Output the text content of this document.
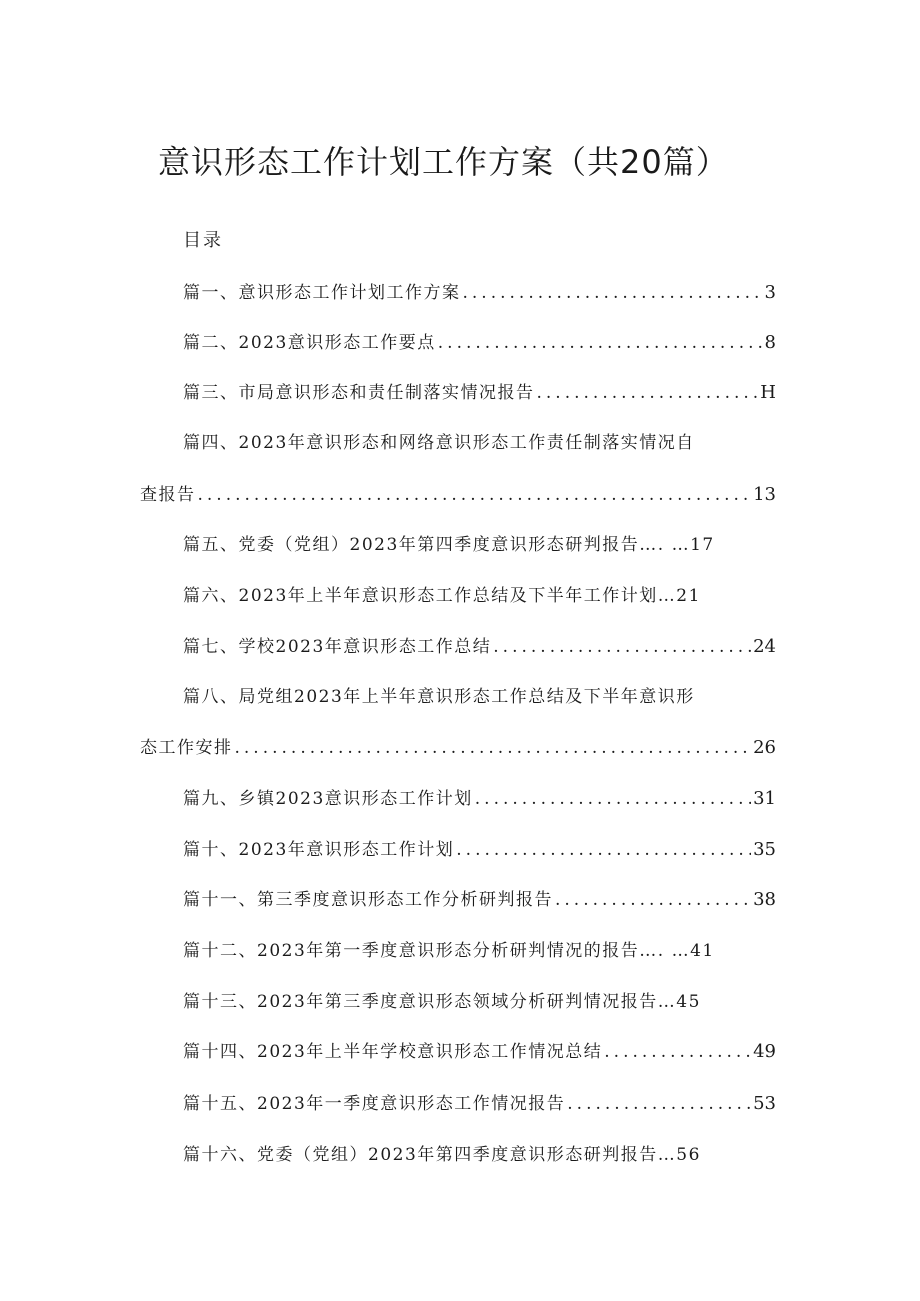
意识形态工作计划工作方案（共20篇）
目录
篇一、意识形态工作计划工作方案 .....	3
篇二、2023意识形态工作要点 .....	8
篇三、市局意识形态和责任制落实情况报告 .....	H
篇四、2023年意识形态和网络意识形态工作责任制落实情况自
查报告 .....	13
篇五、党委（党组）2023年第四季度意识形态研判报告…. …17
篇六、2023年上半年意识形态工作总结及下半年工作计划…21
篇七、学校2023年意识形态工作总结 .....	24
篇八、局党组2023年上半年意识形态工作总结及下半年意识形
态工作安排 .....	26
篇九、乡镇2023意识形态工作计划 .....	31
篇十、2023年意识形态工作计划 .....	35
篇十一、第三季度意识形态工作分析研判报告 .....	38
篇十二、2023年第一季度意识形态分析研判情况的报告…. …41
篇十三、2023年第三季度意识形态领域分析研判情况报告…45
篇十四、2023年上半年学校意识形态工作情况总结 .....	49
篇十五、2023年一季度意识形态工作情况报告 .....	53
篇十六、党委（党组）2023年第四季度意识形态研判报告…56
